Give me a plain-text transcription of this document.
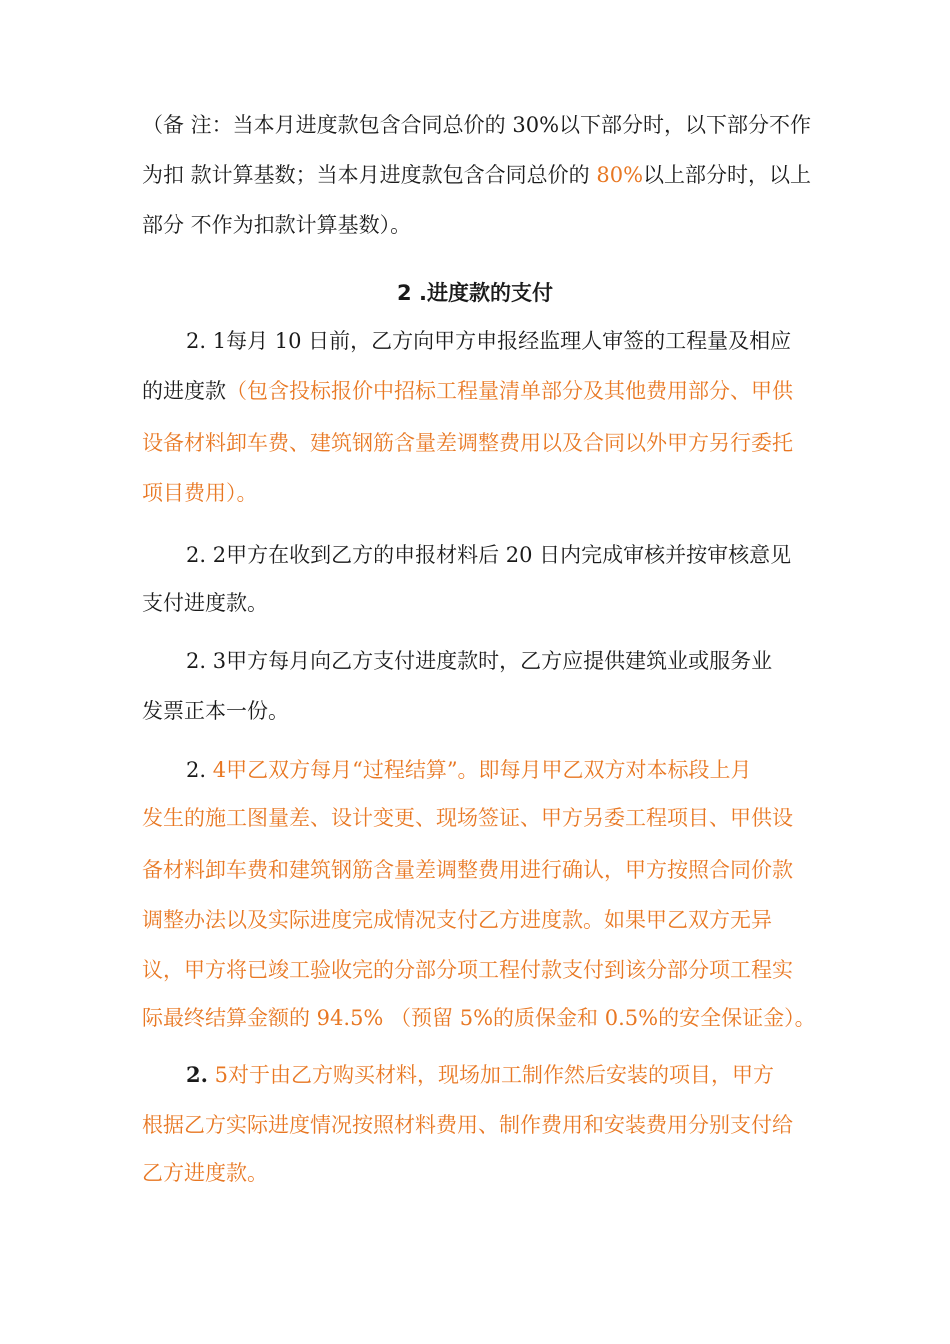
（备 注：当本月进度款包含合同总价的 30%以下部分时，以下部分不作
为扣 款计算基数；当本月进度款包含合同总价的 80%以上部分时，以上
部分 不作为扣款计算基数）。
2 .进度款的支付
2. 1每月 10 日前，乙方向甲方申报经监理人审签的工程量及相应
的进度款（包含投标报价中招标工程量清单部分及其他费用部分、甲供
设备材料卸车费、建筑钢筋含量差调整费用以及合同以外甲方另行委托
项目费用）。
2. 2甲方在收到乙方的申报材料后 20 日内完成审核并按审核意见
支付进度款。
2. 3甲方每月向乙方支付进度款时，乙方应提供建筑业或服务业
发票正本一份。
2. 4甲乙双方每月“过程结算”。即每月甲乙双方对本标段上月
发生的施工图量差、设计变更、现场签证、甲方另委工程项目、甲供设
备材料卸车费和建筑钢筋含量差调整费用进行确认，甲方按照合同价款
调整办法以及实际进度完成情况支付乙方进度款。如果甲乙双方无异
议，甲方将已竣工验收完的分部分项工程付款支付到该分部分项工程实
际最终结算金额的 94.5% （预留 5%的质保金和 0.5%的安全保证金）。
2. 5对于由乙方购买材料，现场加工制作然后安装的项目，甲方
根据乙方实际进度情况按照材料费用、制作费用和安装费用分别支付给
乙方进度款。
